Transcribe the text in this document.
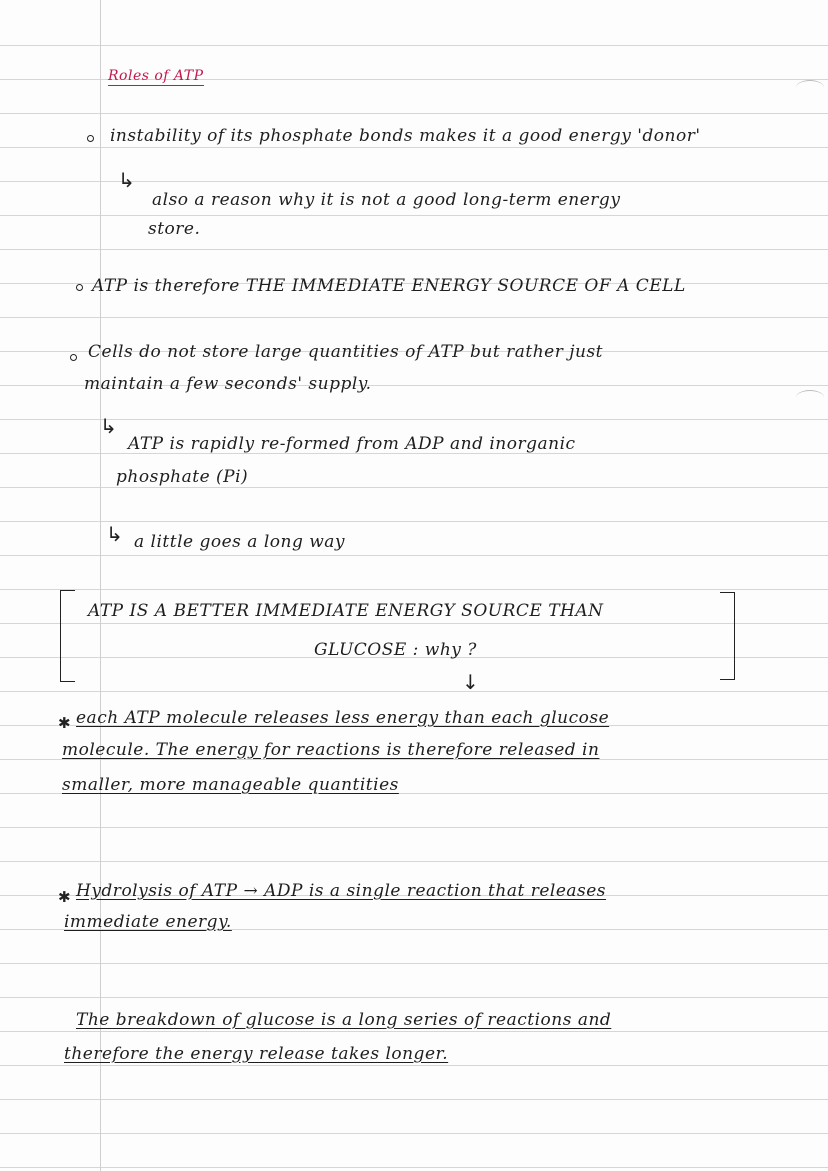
Roles of ATP
instability of its phosphate bonds makes it a good energy 'donor'
↳
also a reason why it is not a good long-term energy
store.
ATP is therefore THE IMMEDIATE ENERGY SOURCE OF A CELL
Cells do not store large quantities of ATP but rather just
maintain a few seconds' supply.
↳
ATP is rapidly re-formed from ADP and inorganic
phosphate (Pi)
↳ a little goes a long way
ATP IS A BETTER IMMEDIATE ENERGY SOURCE THAN
GLUCOSE : why ?
↓
✱ each ATP molecule releases less energy than each glucose
molecule. The energy for reactions is therefore released in
smaller, more manageable quantities
✱ Hydrolysis of ATP → ADP is a single reaction that releases
immediate energy.
The breakdown of glucose is a long series of reactions and
therefore the energy release takes longer.
